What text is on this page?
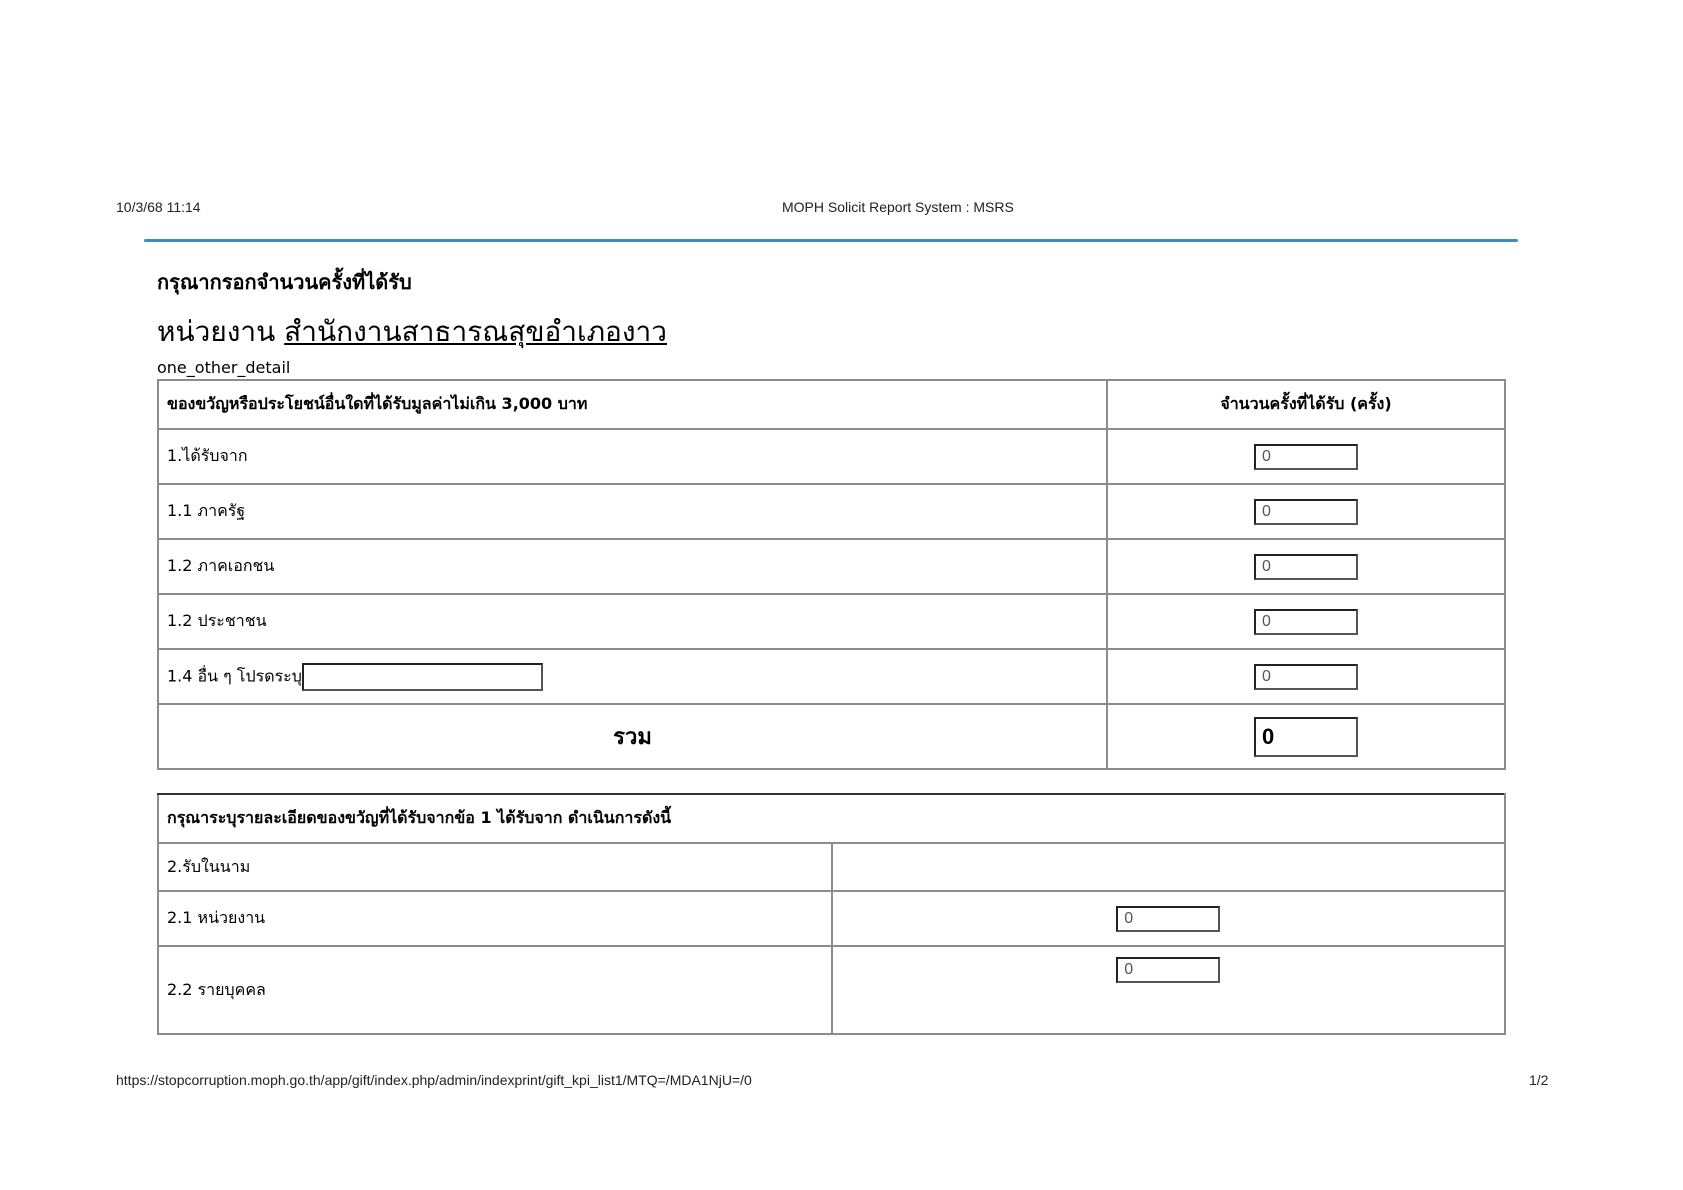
10/3/68 11:14	MOPH Solicit Report System : MSRS
กรุณากรอกจำนวนครั้งที่ได้รับ
หน่วยงาน สำนักงานสาธารณสุขอำเภองาว
one_other_detail
ของขวัญหรือประโยชน์อื่นใดที่ได้รับมูลค่าไม่เกิน 3,000 บาท	จำนวนครั้งที่ได้รับ (ครั้ง)
1.ได้รับจาก	0
1.1 ภาครัฐ	0
1.2 ภาคเอกชน	0
1.2 ประชาชน	0
1.4 อื่น ๆ โปรดระบุ	0
รวม	0
กรุณาระบุรายละเอียดของขวัญที่ได้รับจากข้อ 1 ได้รับจาก ดำเนินการดังนี้	
2.รับในนาม	
2.1 หน่วยงาน	0
2.2 รายบุคคล	0
https://stopcorruption.moph.go.th/app/gift/index.php/admin/indexprint/gift_kpi_list1/MTQ=/MDA1NjU=/0	1/2
